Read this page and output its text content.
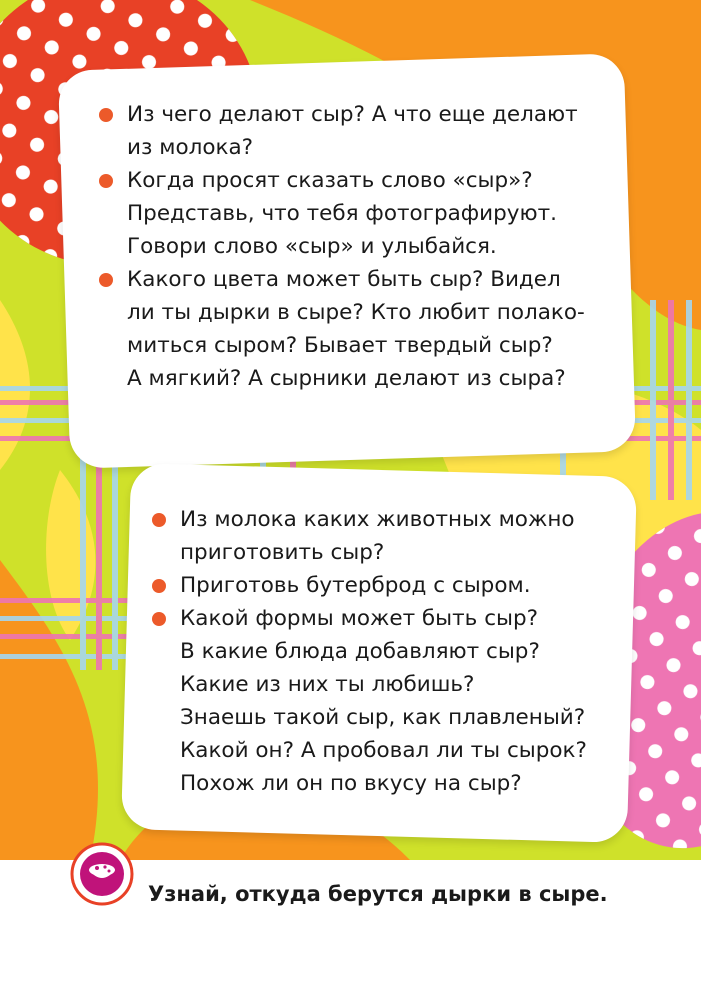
Из чего делают сыр? А что еще делают
из молока?
Когда просят сказать слово «сыр»?
Представь, что тебя фотографируют.
Говори слово «сыр» и улыбайся.
Какого цвета может быть сыр? Видел
ли ты дырки в сыре? Кто любит полако-
миться сыром? Бывает твердый сыр?
А мягкий? А сырники делают из сыра?
Из молока каких животных можно
приготовить сыр?
Приготовь бутерброд с сыром.
Какой формы может быть сыр?
В какие блюда добавляют сыр?
Какие из них ты любишь?
Знаешь такой сыр, как плавленый?
Какой он? А пробовал ли ты сырок?
Похож ли он по вкусу на сыр?
Узнай, откуда берутся дырки в сыре.
